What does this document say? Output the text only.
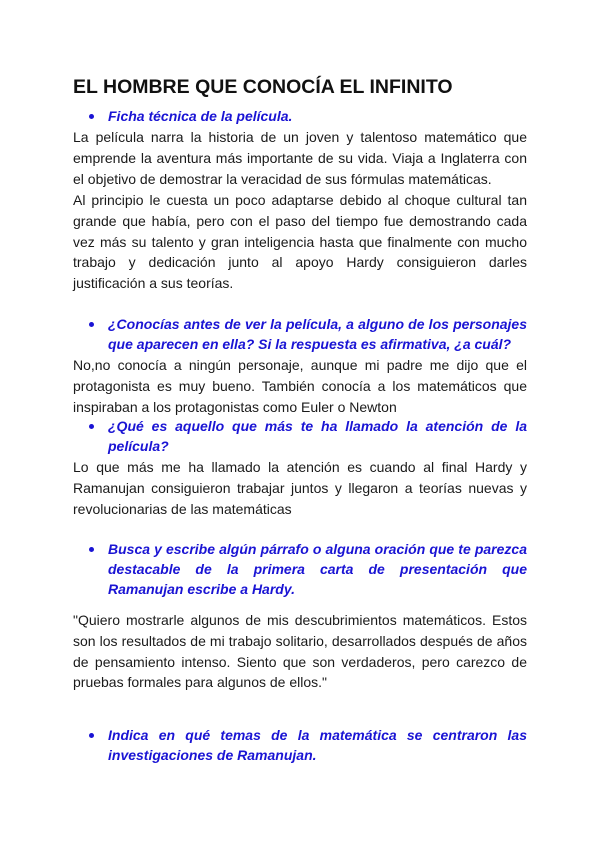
EL HOMBRE QUE CONOCÍA EL INFINITO
Ficha técnica de la película.
La película narra la historia de un joven y talentoso matemático que emprende la aventura más importante de su vida. Viaja a Inglaterra con el objetivo de demostrar la veracidad de sus fórmulas matemáticas.
Al principio le cuesta un poco adaptarse debido al choque cultural tan grande que había, pero con el paso del tiempo fue demostrando cada vez más su talento y gran inteligencia hasta que finalmente con mucho trabajo y dedicación junto al apoyo Hardy consiguieron darles justificación a sus teorías.
¿Conocías antes de ver la película, a alguno de los personajes que aparecen en ella? Si la respuesta es afirmativa, ¿a cuál?
No,no conocía a ningún personaje, aunque mi padre me dijo que el protagonista es muy bueno. También conocía a los matemáticos que inspiraban a los protagonistas como Euler o Newton
¿Qué es aquello que más te ha llamado la atención de la película?
Lo que más me ha llamado la atención es cuando al final Hardy y Ramanujan consiguieron trabajar juntos y llegaron a teorías nuevas y revolucionarias de las matemáticas
Busca y escribe algún párrafo o alguna oración que te parezca destacable de la primera carta de presentación que Ramanujan escribe a Hardy.
"Quiero mostrarle algunos de mis descubrimientos matemáticos. Estos son los resultados de mi trabajo solitario, desarrollados después de años de pensamiento intenso. Siento que son verdaderos, pero carezco de pruebas formales para algunos de ellos."
Indica en qué temas de la matemática se centraron las investigaciones de Ramanujan.
